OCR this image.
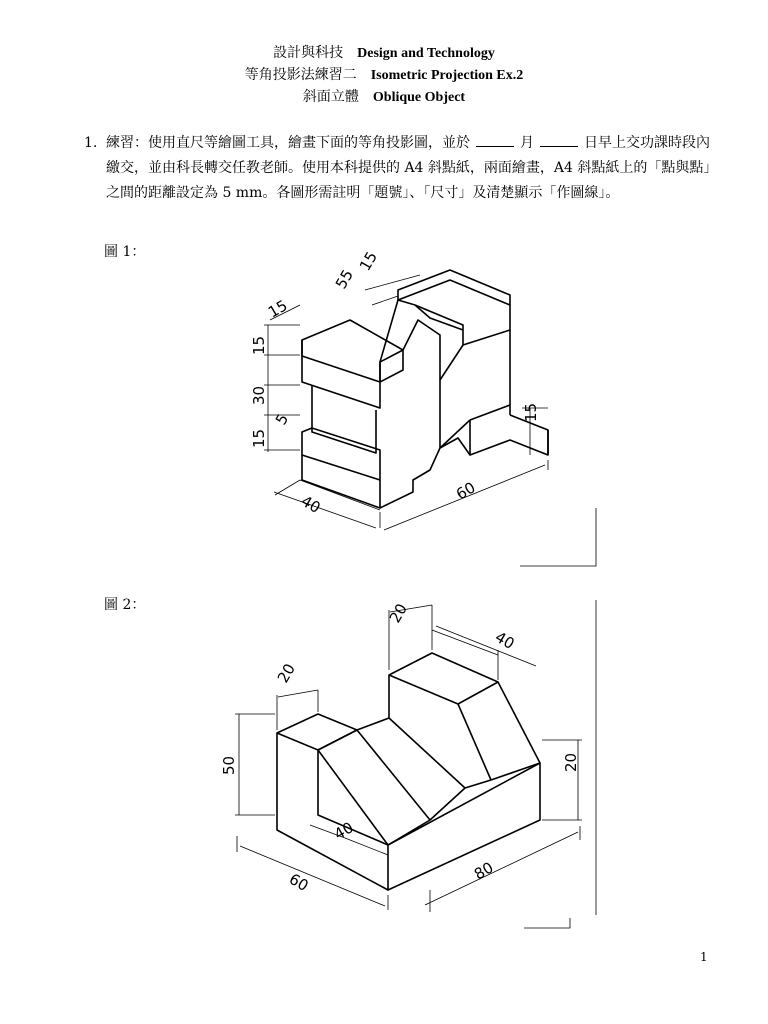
設計與科技 Design and Technology
等角投影法練習二 Isometric Projection Ex.2
斜面立體 Oblique Object
1. 練習：使用直尺等繪圖工具，繪畫下面的等角投影圖，並於	月	日早上交功課時段內繳交，並由科長轉交任教老師。使用本科提供的 A4 斜點紙，兩面繪畫，A4 斜點紙上的「點與點」之間的距離設定為 5 mm。各圖形需註明「題號」、「尺寸」及清楚顯示「作圖線」。
圖 1：
圖 2：
55
15
15
15
30
5
15
15
40
60
20
40
20
50	20
40
60	80
1
